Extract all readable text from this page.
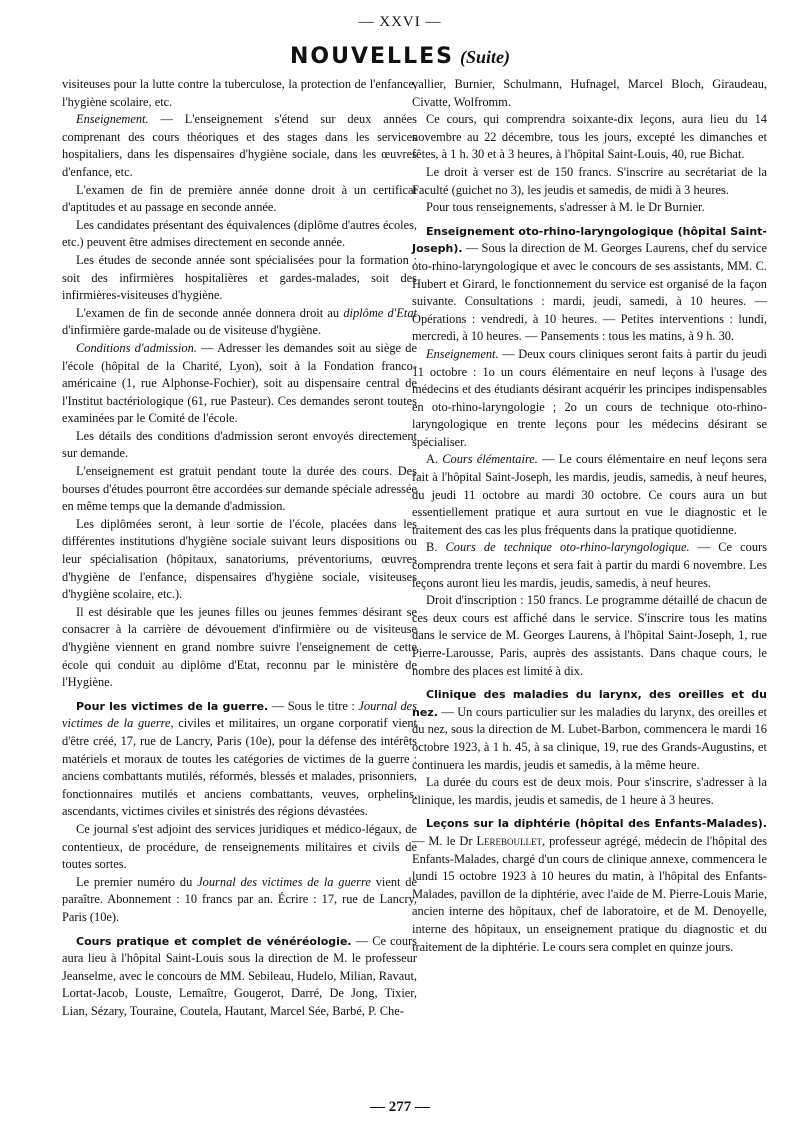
— XXVI —
NOUVELLES (Suite)

visiteuses pour la lutte contre la tuberculose, la protection de l'enfance, l'hygiène scolaire, etc.

Enseignement. — L'enseignement s'étend sur deux années comprenant des cours théoriques et des stages dans les services hospitaliers, dans les dispensaires d'hygiène sociale, dans les œuvres d'enfance, etc.

L'examen de fin de première année donne droit à un certificat d'aptitudes et au passage en seconde année.

Les candidates présentant des équivalences (diplôme d'autres écoles, etc.) peuvent être admises directement en seconde année.

Les études de seconde année sont spécialisées pour la formation : soit des infirmières hospitalières et gardes-malades, soit des infirmières-visiteuses d'hygiène.

L'examen de fin de seconde année donnera droit au diplôme d'Etat d'infirmière garde-malade ou de visiteuse d'hygiène.

Conditions d'admission. — Adresser les demandes soit au siège de l'école (hôpital de la Charité, Lyon), soit à la Fondation franco-américaine (1, rue Alphonse-Fochier), soit au dispensaire central de l'Institut bactériologique (61, rue Pasteur). Ces demandes seront toutes examinées par le Comité de l'école.

Les détails des conditions d'admission seront envoyés directement sur demande.

L'enseignement est gratuit pendant toute la durée des cours. Des bourses d'études pourront être accordées sur demande spéciale adressée en même temps que la demande d'admission.

Les diplômées seront, à leur sortie de l'école, placées dans les différentes institutions d'hygiène sociale suivant leurs dispositions ou leur spécialisation (hôpitaux, sanatoriums, préventoriums, œuvres d'hygiène de l'enfance, dispensaires d'hygiène sociale, visiteuses d'hygiène scolaire, etc.).

Il est désirable que les jeunes filles ou jeunes femmes désirant se consacrer à la carrière de dévouement d'infirmière ou de visiteuse d'hygiène viennent en grand nombre suivre l'enseignement de cette école qui conduit au diplôme d'Etat, reconnu par le ministère de l'Hygiène.

Pour les victimes de la guerre. — Sous le titre : Journal des victimes de la guerre, civiles et militaires, un organe corporatif vient d'être créé, 17, rue de Lancry, Paris (10e), pour la défense des intérêts matériels et moraux de toutes les catégories de victimes de la guerre : anciens combattants mutilés, réformés, blessés et malades, prisonniers, fonctionnaires mutilés et anciens combattants, veuves, orphelins, ascendants, victimes civiles et sinistrés des régions dévastées.

Ce journal s'est adjoint des services juridiques et médico-légaux, de contentieux, de procédure, de renseignements militaires et civils de toutes sortes.

Le premier numéro du Journal des victimes de la guerre vient de paraître. Abonnement : 10 francs par an. Écrire : 17, rue de Lancry, Paris (10e).

Cours pratique et complet de vénéréologie. — Ce cours aura lieu à l'hôpital Saint-Louis sous la direction de M. le professeur Jeanselme, avec le concours de MM. Sebileau, Hudelo, Milian, Ravaut, Lortat-Jacob, Louste, Lemaître, Gougerot, Darré, De Jong, Tixier, Lian, Sézary, Touraine, Coutela, Hautant, Marcel Sée, Barbé, P. Che-

vallier, Burnier, Schulmann, Hufnagel, Marcel Bloch, Giraudeau, Civatte, Wolfromm.

Ce cours, qui comprendra soixante-dix leçons, aura lieu du 14 novembre au 22 décembre, tous les jours, excepté les dimanches et fêtes, à 1 h. 30 et à 3 heures, à l'hôpital Saint-Louis, 40, rue Bichat.

Le droit à verser est de 150 francs. S'inscrire au secrétariat de la Faculté (guichet no 3), les jeudis et samedis, de midi à 3 heures.

Pour tous renseignements, s'adresser à M. le Dr Burnier.

Enseignement oto-rhino-laryngologique (hôpital Saint-Joseph). — Sous la direction de M. Georges Laurens, chef du service oto-rhino-laryngologique et avec le concours de ses assistants, MM. C. Hubert et Girard, le fonctionnement du service est organisé de la façon suivante. Consultations : mardi, jeudi, samedi, à 10 heures. — Opérations : vendredi, à 10 heures. — Petites interventions : lundi, mercredi, à 10 heures. — Pansements : tous les matins, à 9 h. 30.

Enseignement. — Deux cours cliniques seront faits à partir du jeudi 11 octobre : 1o un cours élémentaire en neuf leçons à l'usage des médecins et des étudiants désirant acquérir les principes indispensables en oto-rhino-laryngologie ; 2o un cours de technique oto-rhino-laryngologique en trente leçons pour les médecins désirant se spécialiser.

A. Cours élémentaire. — Le cours élémentaire en neuf leçons sera fait à l'hôpital Saint-Joseph, les mardis, jeudis, samedis, à neuf heures, du jeudi 11 octobre au mardi 30 octobre. Ce cours aura un but essentiellement pratique et aura surtout en vue le diagnostic et le traitement des cas les plus fréquents dans la pratique quotidienne.

B. Cours de technique oto-rhino-laryngologique. — Ce cours comprendra trente leçons et sera fait à partir du mardi 6 novembre. Les leçons auront lieu les mardis, jeudis, samedis, à neuf heures.

Droit d'inscription : 150 francs. Le programme détaillé de chacun de ces deux cours est affiché dans le service. S'inscrire tous les matins dans le service de M. Georges Laurens, à l'hôpital Saint-Joseph, 1, rue Pierre-Larousse, Paris, auprès des assistants. Dans chaque cours, le nombre des places est limité à dix.

Clinique des maladies du larynx, des oreilles et du nez. — Un cours particulier sur les maladies du larynx, des oreilles et du nez, sous la direction de M. Lubet-Barbon, commencera le mardi 16 octobre 1923, à 1 h. 45, à sa clinique, 19, rue des Grands-Augustins, et continuera les mardis, jeudis et samedis, à la même heure.

La durée du cours est de deux mois. Pour s'inscrire, s'adresser à la clinique, les mardis, jeudis et samedis, de 1 heure à 3 heures.

Leçons sur la diphtérie (hôpital des Enfants-Malades). — M. le Dr Lereboullet, professeur agrégé, médecin de l'hôpital des Enfants-Malades, chargé d'un cours de clinique annexe, commencera le lundi 15 octobre 1923 à 10 heures du matin, à l'hôpital des Enfants-Malades, pavillon de la diphtérie, avec l'aide de M. Pierre-Louis Marie, ancien interne des hôpitaux, chef de laboratoire, et de M. Denoyelle, interne des hôpitaux, un enseignement pratique du diagnostic et du traitement de la diphtérie. Le cours sera complet en quinze jours.

— 277 —
